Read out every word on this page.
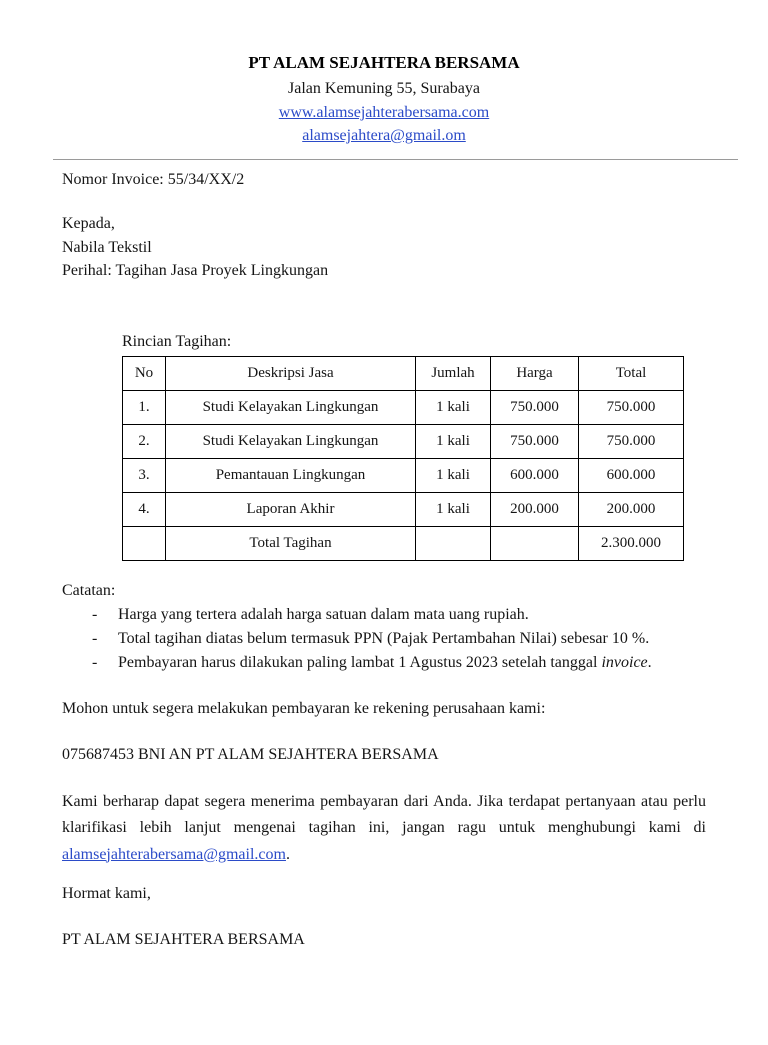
PT ALAM SEJAHTERA BERSAMA
Jalan Kemuning 55, Surabaya
www.alamsejahterabersama.com
alamsejahtera@gmail.om
Nomor Invoice: 55/34/XX/2
Kepada,
Nabila Tekstil
Perihal: Tagihan Jasa Proyek Lingkungan
Rincian Tagihan:
No	Deskripsi Jasa	Jumlah	Harga	Total
1.	Studi Kelayakan Lingkungan	1 kali	750.000	750.000
2.	Studi Kelayakan Lingkungan	1 kali	750.000	750.000
3.	Pemantauan Lingkungan	1 kali	600.000	600.000
4.	Laporan Akhir	1 kali	200.000	200.000
	Total Tagihan			2.300.000
Catatan:
-	Harga yang tertera adalah harga satuan dalam mata uang rupiah.
-	Total tagihan diatas belum termasuk PPN (Pajak Pertambahan Nilai) sebesar 10 %.
-	Pembayaran harus dilakukan paling lambat 1 Agustus 2023 setelah tanggal invoice.
Mohon untuk segera melakukan pembayaran ke rekening perusahaan kami:
075687453 BNI AN PT ALAM SEJAHTERA BERSAMA
Kami berharap dapat segera menerima pembayaran dari Anda. Jika terdapat pertanyaan atau perlu klarifikasi lebih lanjut mengenai tagihan ini, jangan ragu untuk menghubungi kami di alamsejahterabersama@gmail.com.
Hormat kami,
PT ALAM SEJAHTERA BERSAMA
